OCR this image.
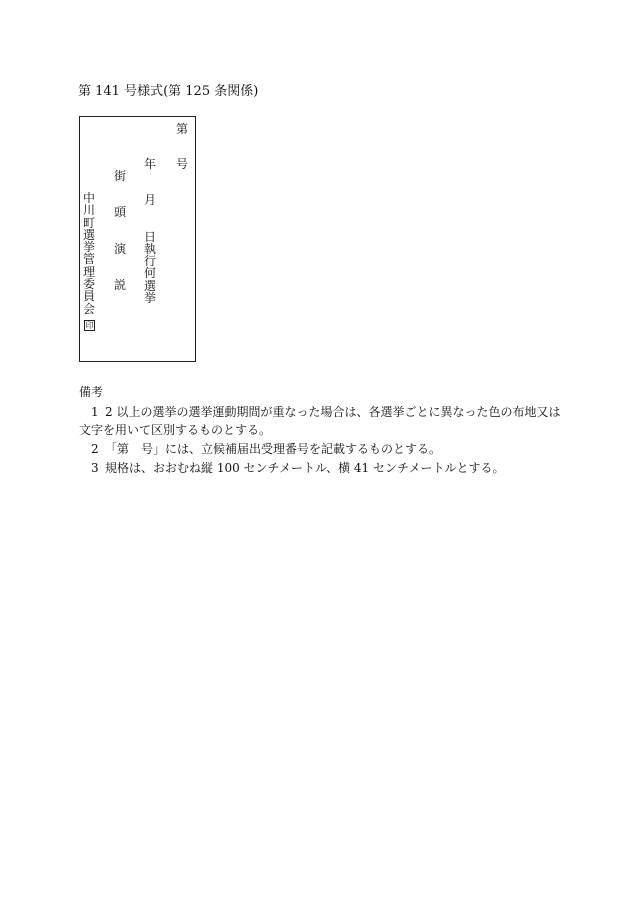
第 141 号様式(第 125 条関係)
中
川
町
選
挙
管
理
委
員
会
印
街
頭
演
説
年
月
日
執
行
何
選
挙
第
号
備考
1 2 以上の選挙の選挙運動期間が重なった場合は、各選挙ごとに異なった色の布地又は
文字を用いて区別するものとする。
2 「第　号」には、立候補届出受理番号を記載するものとする。
3 規格は、おおむね縦 100 センチメートル、横 41 センチメートルとする。
